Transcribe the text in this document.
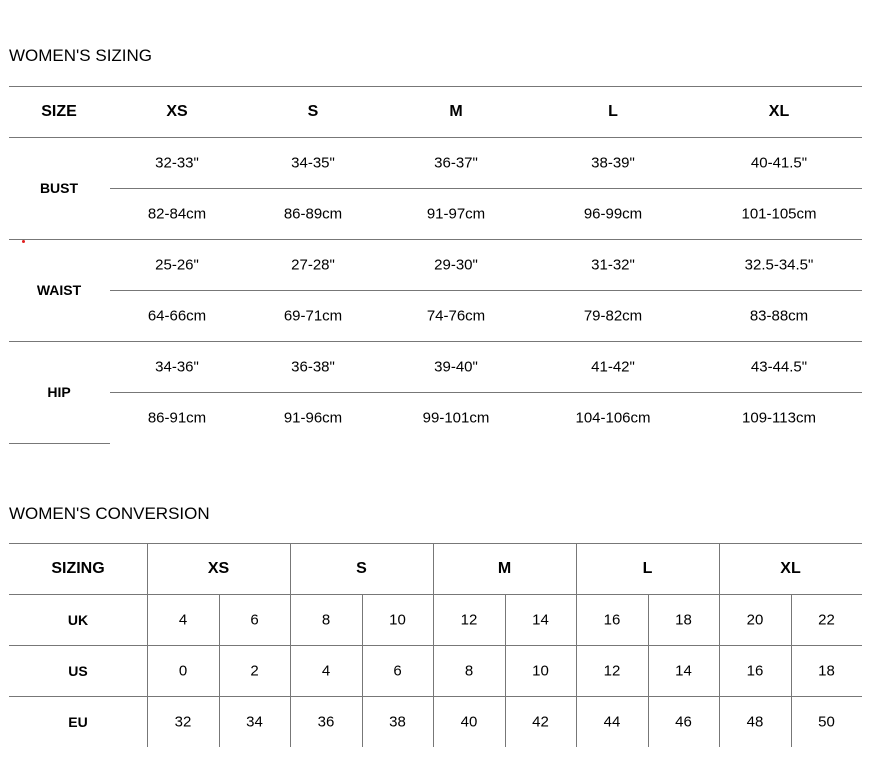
WOMEN'S SIZING
WOMEN'S CONVERSION
SIZE	XS	S	M	L	XL
BUST
32-33"	34-35"	36-37"	38-39"	40-41.5"
82-84cm	86-89cm	91-97cm	96-99cm	101-105cm
WAIST
25-26"	27-28"	29-30"	31-32"	32.5-34.5"
64-66cm	69-71cm	74-76cm	79-82cm	83-88cm
HIP
34-36"	36-38"	39-40"	41-42"	43-44.5"
86-91cm	91-96cm	99-101cm	104-106cm	109-113cm
SIZING	XS	S	M	L	XL
UK	4	6	8	10	12	14	16	18	20	22
US	0	2	4	6	8	10	12	14	16	18
EU	32	34	36	38	40	42	44	46	48	50
